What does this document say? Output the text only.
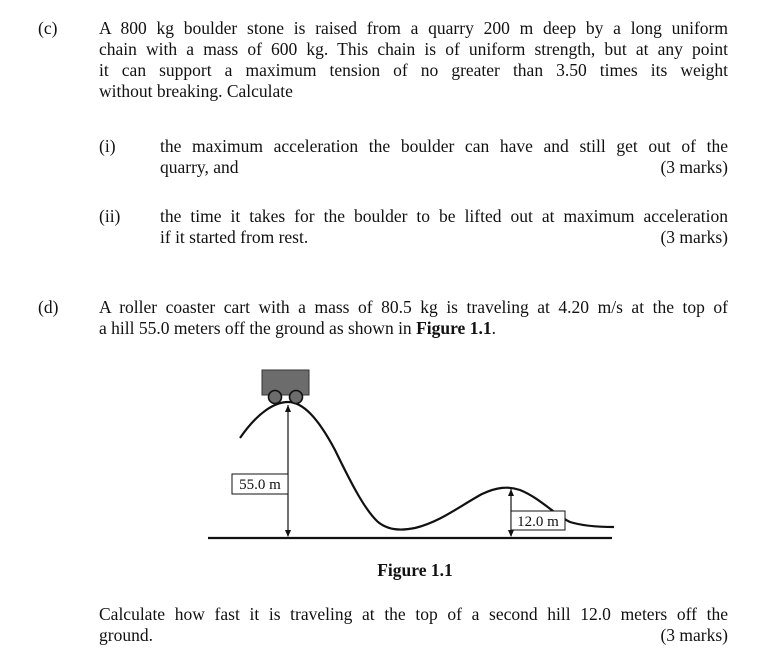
(c) A 800 kg boulder stone is raised from a quarry 200 m deep by a long uniform
chain with a mass of 600 kg. This chain is of uniform strength, but at any point
it can support a maximum tension of no greater than 3.50 times its weight
without breaking. Calculate
(i)	the maximum acceleration the boulder can have and still get out of the
quarry, and	(3 marks)
(ii) the time it takes for the boulder to be lifted out at maximum acceleration
if it started from rest.	(3 marks)
(d) A roller coaster cart with a mass of 80.5 kg is traveling at 4.20 m/s at the top of
a hill 55.0 meters off the ground as shown in Figure 1.1.
55.0 m
12.0 m
Figure 1.1
Calculate how fast it is traveling at the top of a second hill 12.0 meters off the
ground.	(3 marks)
